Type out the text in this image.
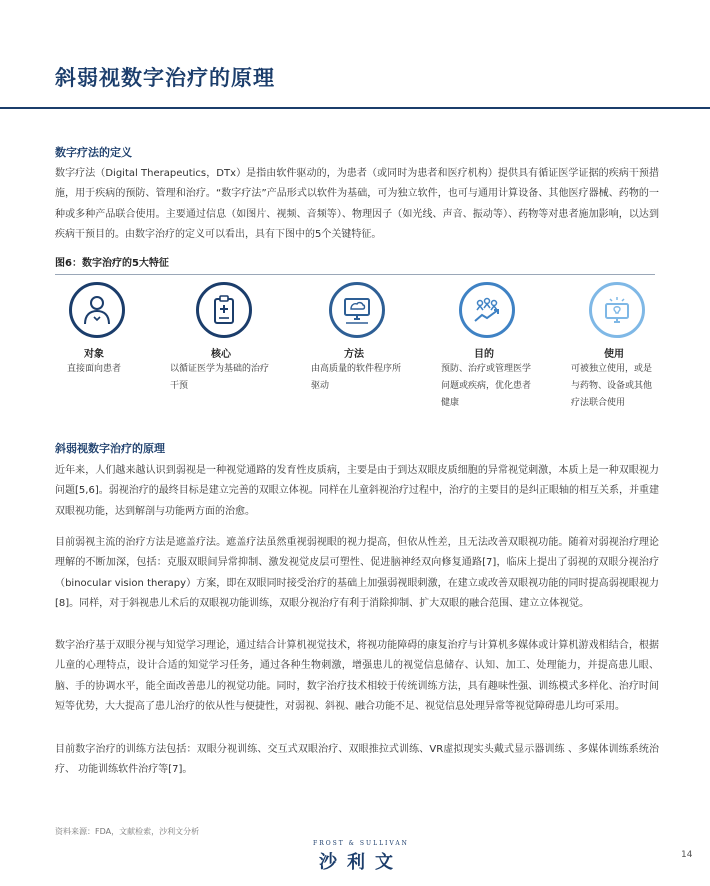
斜弱视数字治疗的原理
数字疗法的定义

数字疗法（Digital Therapeutics，DTx）是指由软件驱动的，为患者（或同时为患者和医疗机构）提供具有循证医学证据的疾病干预措施，用于疾病的预防、管理和治疗。“数字疗法”产品形式以软件为基础，可为独立软件，也可与通用计算设备、其他医疗器械、药物的一种或多种产品联合使用。主要通过信息（如图片、视频、音频等）、物理因子（如光线、声音、振动等）、药物等对患者施加影响，以达到疾病干预目的。由数字治疗的定义可以看出，具有下图中的5个关键特征。

图6：数字治疗的5大特征
对象
直接面向患者
核心
以循证医学为基础的治疗干预
方法
由高质量的软件程序所驱动
目的
预防、治疗或管理医学问题或疾病，优化患者健康
使用
可被独立使用，或是与药物、设备或其他疗法联合使用
斜弱视数字治疗的原理

近年来，人们越来越认识到弱视是一种视觉通路的发育性皮质病，主要是由于到达双眼皮质细胞的异常视觉刺激，本质上是一种双眼视力问题[5,6]。弱视治疗的最终目标是建立完善的双眼立体视。同样在儿童斜视治疗过程中，治疗的主要目的是纠正眼轴的相互关系，并重建双眼视功能，达到解剖与功能两方面的治愈。

目前弱视主流的治疗方法是遮盖疗法。遮盖疗法虽然重视弱视眼的视力提高，但依从性差，且无法改善双眼视功能。随着对弱视治疗理论理解的不断加深，包括：克服双眼间异常抑制、激发视觉皮层可塑性、促进脑神经双向修复通路[7]，临床上提出了弱视的双眼分视治疗（binocular vision therapy）方案，即在双眼同时接受治疗的基础上加强弱视眼刺激，在建立或改善双眼视功能的同时提高弱视眼视力[8]。同样，对于斜视患儿术后的双眼视功能训练，双眼分视治疗有利于消除抑制、扩大双眼的融合范围、建立立体视觉。

数字治疗基于双眼分视与知觉学习理论，通过结合计算机视觉技术，将视功能障碍的康复治疗与计算机多媒体或计算机游戏相结合，根据儿童的心理特点，设计合适的知觉学习任务，通过各种生物刺激，增强患儿的视觉信息储存、认知、加工、处理能力，并提高患儿眼、脑、手的协调水平，能全面改善患儿的视觉功能。同时，数字治疗技术相较于传统训练方法，具有趣味性强、训练模式多样化、治疗时间短等优势，大大提高了患儿治疗的依从性与便捷性，对弱视、斜视、融合功能不足、视觉信息处理异常等视觉障碍患儿均可采用。

目前数字治疗的训练方法包括：双眼分视训练、交互式双眼治疗、双眼推拉式训练、VR虚拟现实头戴式显示器训练 、多媒体训练系统治疗、 功能训练软件治疗等[7]。

资料来源：FDA，文献检索，沙利文分析
FROST & SULLIVAN
沙利文	14
